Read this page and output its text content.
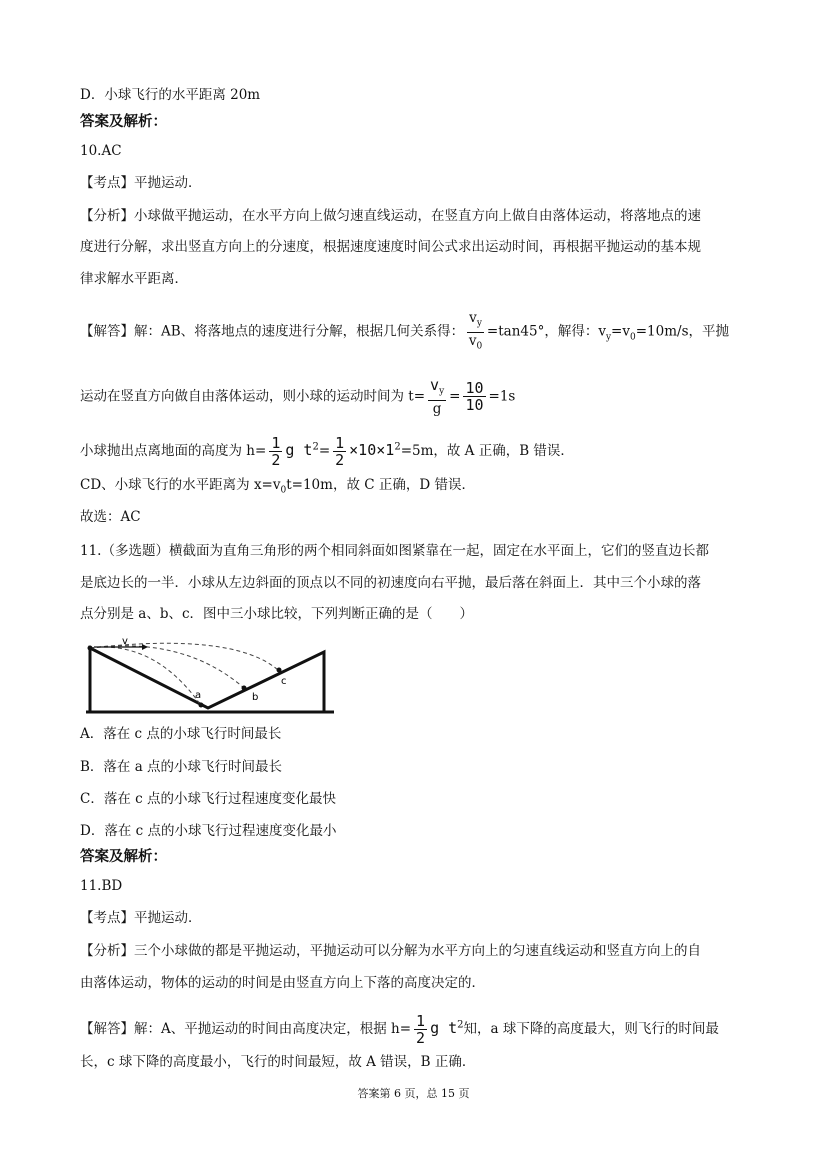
D．小球飞行的水平距离 20m
答案及解析：
10.AC
【考点】平抛运动．
【分析】小球做平抛运动，在水平方向上做匀速直线运动，在竖直方向上做自由落体运动，将落地点的速
度进行分解，求出竖直方向上的分速度，根据速度速度时间公式求出运动时间，再根据平抛运动的基本规
律求解水平距离．
【解答】解：AB、将落地点的速度进行分解，根据几何关系得： $\frac{v_y}{v_0} =\tan 45^\circ$，解得：$v_y=v_0=10m/s$，平抛
运动在竖直方向做自由落体运动，则小球的运动时间为 $t= \frac{v_y}{g} = \frac{10}{10} =1s$
小球抛出点离地面的高度为 $h= \frac{1}{2}$ g $t^2= \frac{1}{2} \times 10\times 1^2=5m$，故 A 正确，B 错误．
CD、小球飞行的水平距离为 $x=v_0t=10m$，故 C 正确，D 错误．
故选：AC
11.（多选题）横截面为直角三角形的两个相同斜面如图紧靠在一起，固定在水平面上，它们的竖直边长都
是底边长的一半．小球从左边斜面的顶点以不同的初速度向右平抛，最后落在斜面上．其中三个小球的落
点分别是 a、b、c．图中三小球比较，下列判断正确的是（　　）
v
a	b
c
A．落在 c 点的小球飞行时间最长
B．落在 a 点的小球飞行时间最长
C．落在 c 点的小球飞行过程速度变化最快
D．落在 c 点的小球飞行过程速度变化最小
答案及解析：
11.BD
【考点】平抛运动．
【分析】三个小球做的都是平抛运动，平抛运动可以分解为水平方向上的匀速直线运动和竖直方向上的自
由落体运动，物体的运动的时间是由竖直方向上下落的高度决定的．
【解答】解：A、平抛运动的时间由高度决定，根据 $h= \frac{1}{2}$ g $t^2$知，a 球下降的高度最大，则飞行的时间最
长，c 球下降的高度最小，飞行的时间最短，故 A 错误，B 正确．
答案第 6 页，总 15 页
